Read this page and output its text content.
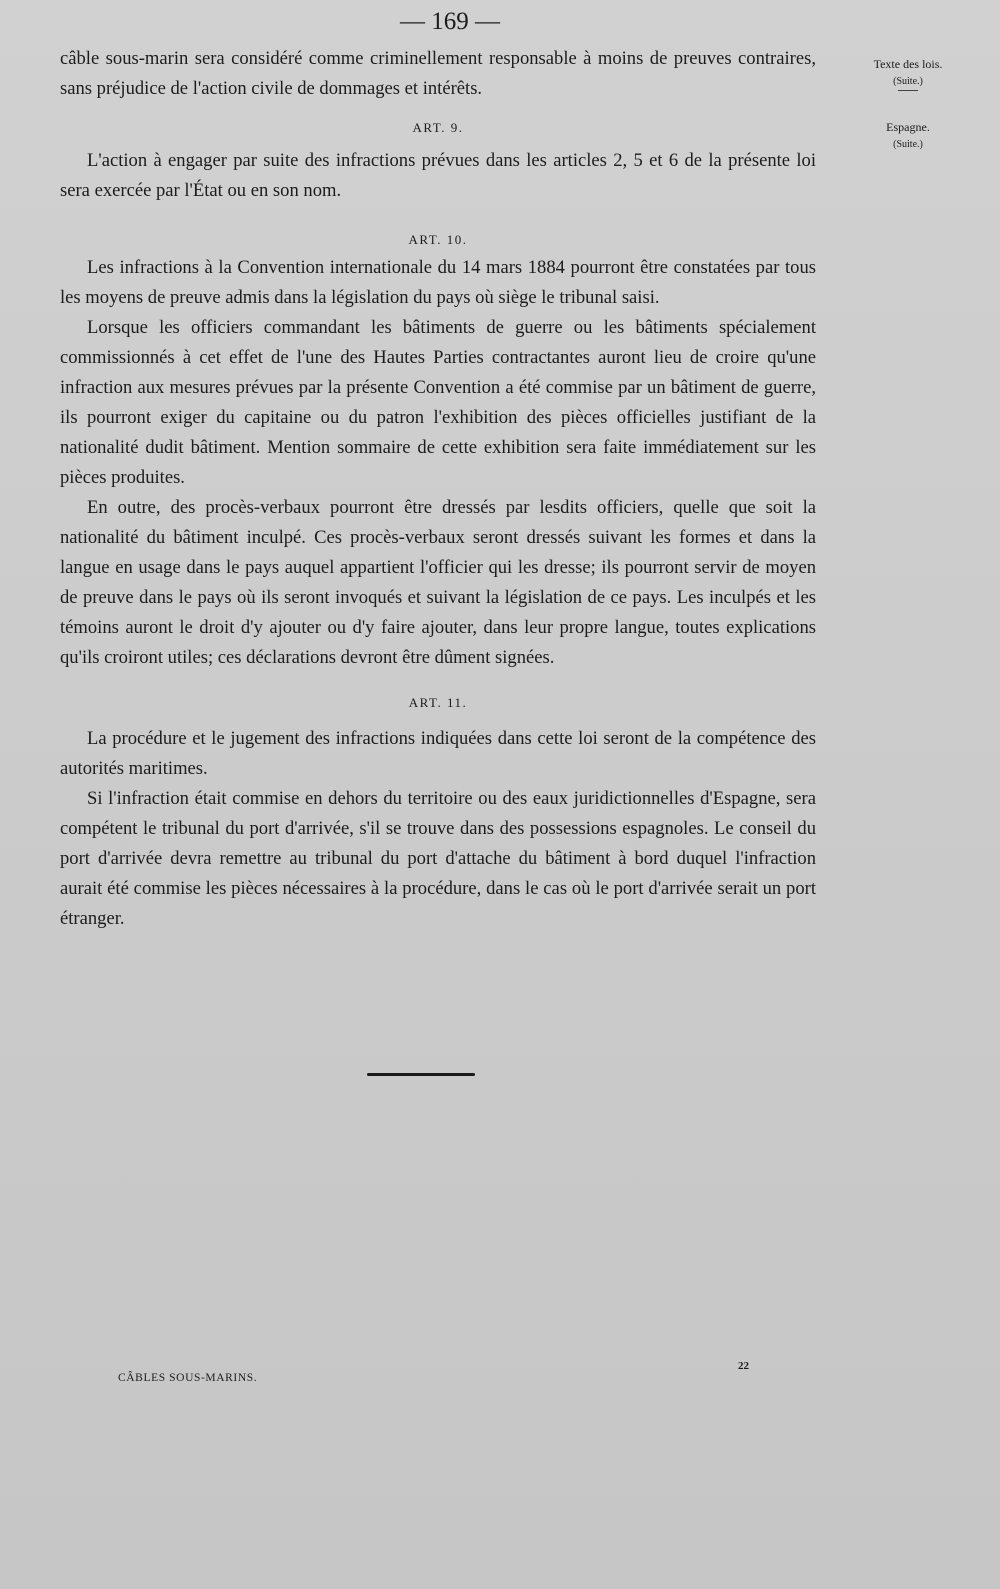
— 169 —
Texte des lois.
(Suite.)
Espagne.
(Suite.)

câble sous-marin sera considéré comme criminellement responsable à moins de preuves contraires, sans préjudice de l'action civile de dommages et intérêts.

ART. 9.

L'action à engager par suite des infractions prévues dans les articles 2, 5 et 6 de la présente loi sera exercée par l'État ou en son nom.

ART. 10.

Les infractions à la Convention internationale du 14 mars 1884 pourront être constatées par tous les moyens de preuve admis dans la législation du pays où siège le tribunal saisi.

Lorsque les officiers commandant les bâtiments de guerre ou les bâtiments spécialement commissionnés à cet effet de l'une des Hautes Parties contractantes auront lieu de croire qu'une infraction aux mesures prévues par la présente Convention a été commise par un bâtiment de guerre, ils pourront exiger du capitaine ou du patron l'exhibition des pièces officielles justifiant de la nationalité dudit bâtiment. Mention sommaire de cette exhibition sera faite immédiatement sur les pièces produites.

En outre, des procès-verbaux pourront être dressés par lesdits officiers, quelle que soit la nationalité du bâtiment inculpé. Ces procès-verbaux seront dressés suivant les formes et dans la langue en usage dans le pays auquel appartient l'officier qui les dresse; ils pourront servir de moyen de preuve dans le pays où ils seront invoqués et suivant la législation de ce pays. Les inculpés et les témoins auront le droit d'y ajouter ou d'y faire ajouter, dans leur propre langue, toutes explications qu'ils croiront utiles; ces déclarations devront être dûment signées.

ART. 11.

La procédure et le jugement des infractions indiquées dans cette loi seront de la compétence des autorités maritimes.

Si l'infraction était commise en dehors du territoire ou des eaux juridictionnelles d'Espagne, sera compétent le tribunal du port d'arrivée, s'il se trouve dans des possessions espagnoles. Le conseil du port d'arrivée devra remettre au tribunal du port d'attache du bâtiment à bord duquel l'infraction aurait été commise les pièces nécessaires à la procédure, dans le cas où le port d'arrivée serait un port étranger.

CÂBLES SOUS-MARINS.
22
